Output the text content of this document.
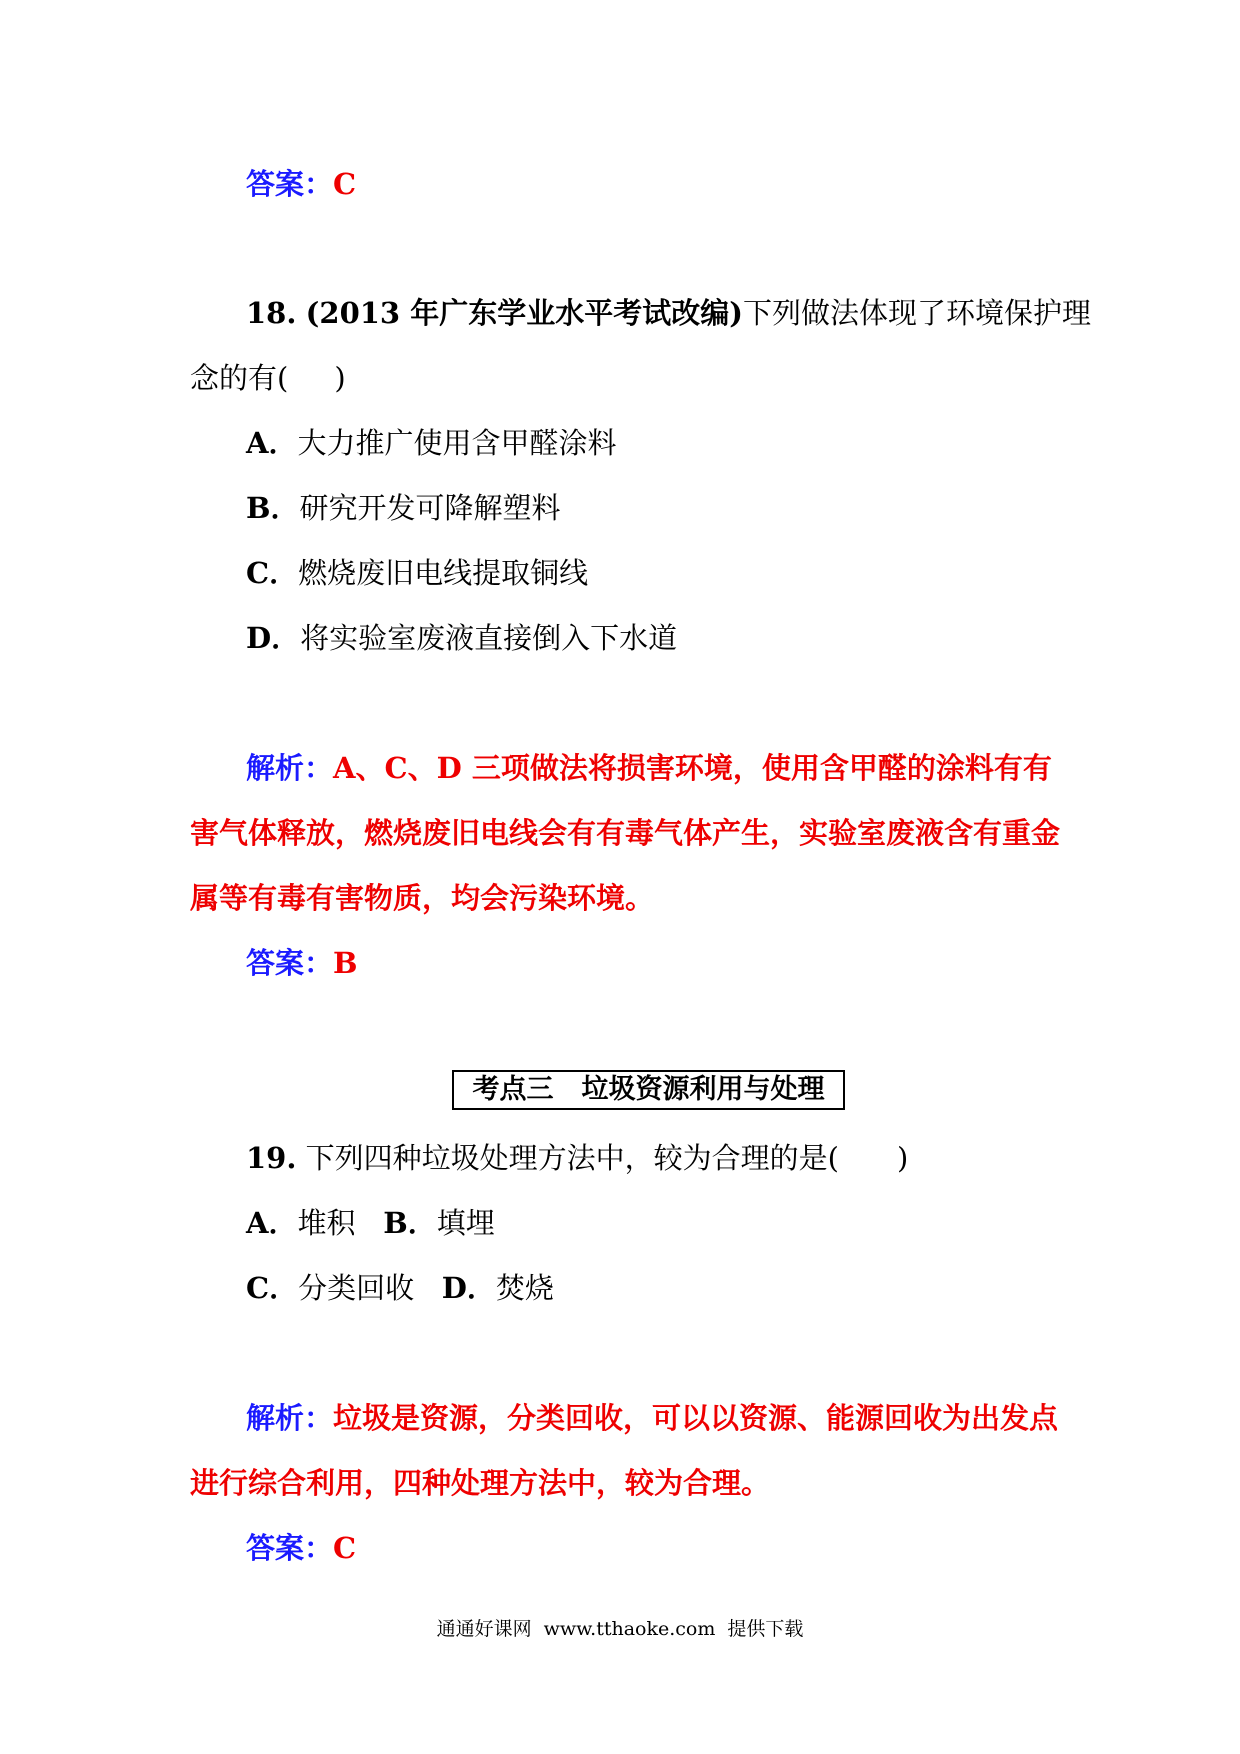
答案：C
18. (2013 年广东学业水平考试改编)下列做法体现了环境保护理
念的有( )
A．大力推广使用含甲醛涂料
B．研究开发可降解塑料
C．燃烧废旧电线提取铜线
D．将实验室废液直接倒入下水道
解析：A、C、D 三项做法将损害环境，使用含甲醛的涂料有有
害气体释放，燃烧废旧电线会有有毒气体产生，实验室废液含有重金
属等有毒有害物质，均会污染环境。
答案：B
考点三 垃圾资源利用与处理
19. 下列四种垃圾处理方法中，较为合理的是( )
A．堆积 B．填埋
C．分类回收 D．焚烧
解析：垃圾是资源，分类回收，可以以资源、能源回收为出发点
进行综合利用，四种处理方法中，较为合理。
答案：C
通通好课网 www.tthaoke.com 提供下载
